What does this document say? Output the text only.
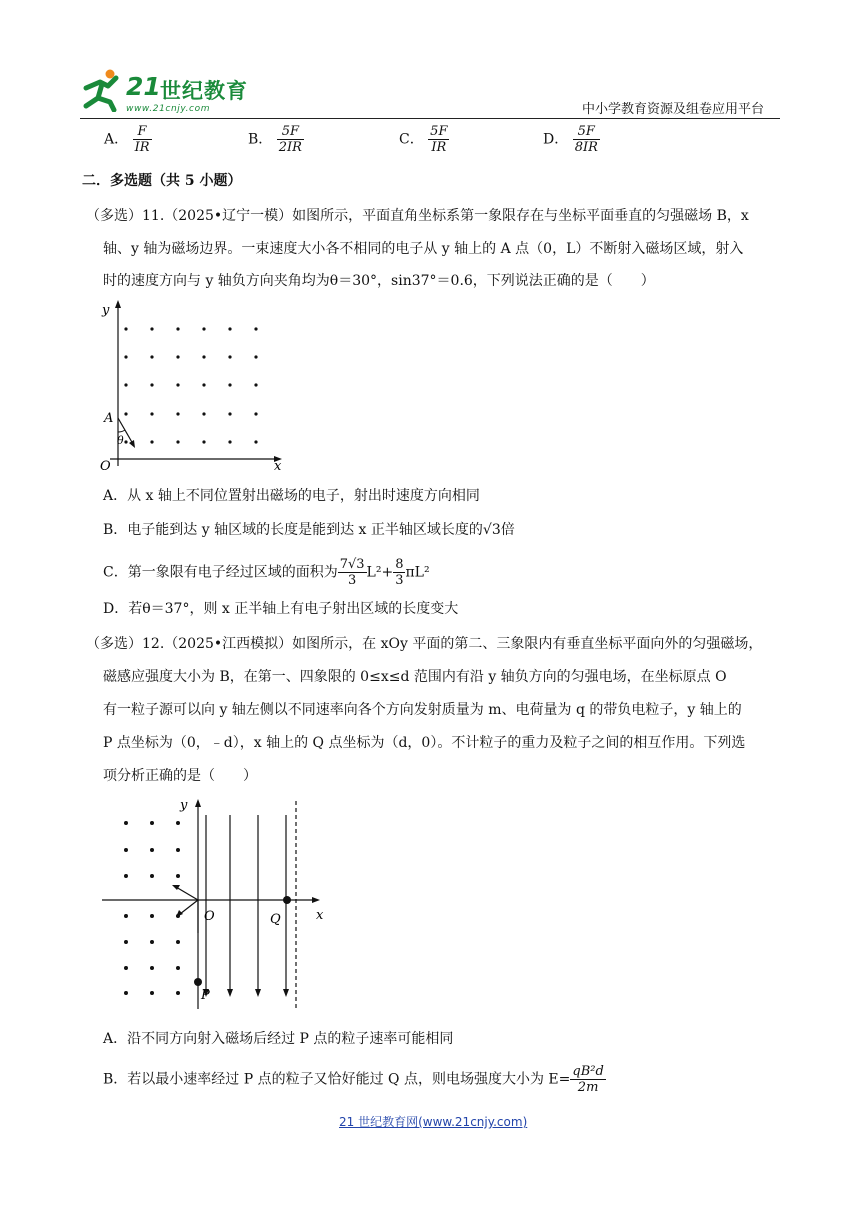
21 世纪教育
www.21cnjy.com	中小学教育资源及组卷应用平台
A． $\frac{F}{IR}$	B． $\frac{5F}{2IR}$	C． $\frac{5F}{IR}$	D． $\frac{5F}{8IR}$
二．多选题（共 5 小题）
（多选）11.（2025•辽宁一模）如图所示，平面直角坐标系第一象限存在与坐标平面垂直的匀强磁场 B，x
轴、y 轴为磁场边界。一束速度大小各不相同的电子从 y 轴上的 A 点（0，L）不断射入磁场区域，射入
时的速度方向与 y 轴负方向夹角均为θ＝30°，sin37°＝0.6，下列说法正确的是（　　）
y
x
O
A
θ
A．从 x 轴上不同位置射出磁场的电子，射出时速度方向相同
B．电子能到达 y 轴区域的长度是能到达 x 正半轴区域长度的√3倍
C．第一象限有电子经过区域的面积为 $\frac{7√3}{3} L^2+ \frac{8}{3} \pi L^2$
D．若θ＝37°，则 x 正半轴上有电子射出区域的长度变大
（多选）12.（2025•江西模拟）如图所示，在 xOy 平面的第二、三象限内有垂直坐标平面向外的匀强磁场，
磁感应强度大小为 B，在第一、四象限的 0≤x≤d 范围内有沿 y 轴负方向的匀强电场，在坐标原点 O
有一粒子源可以向 y 轴左侧以不同速率向各个方向发射质量为 m、电荷量为 q 的带负电粒子，y 轴上的
P 点坐标为（0，﹣d），x 轴上的 Q 点坐标为（d，0）。不计粒子的重力及粒子之间的相互作用。下列选
项分析正确的是（　　）
y
x
O	Q
P
A．沿不同方向射入磁场后经过 P 点的粒子速率可能相同
B．若以最小速率经过 P 点的粒子又恰好能过 Q 点，则电场强度大小为 $E= \frac{\text{qB²d}}{2m}$
21 世纪教育网(www.21cnjy.com)
